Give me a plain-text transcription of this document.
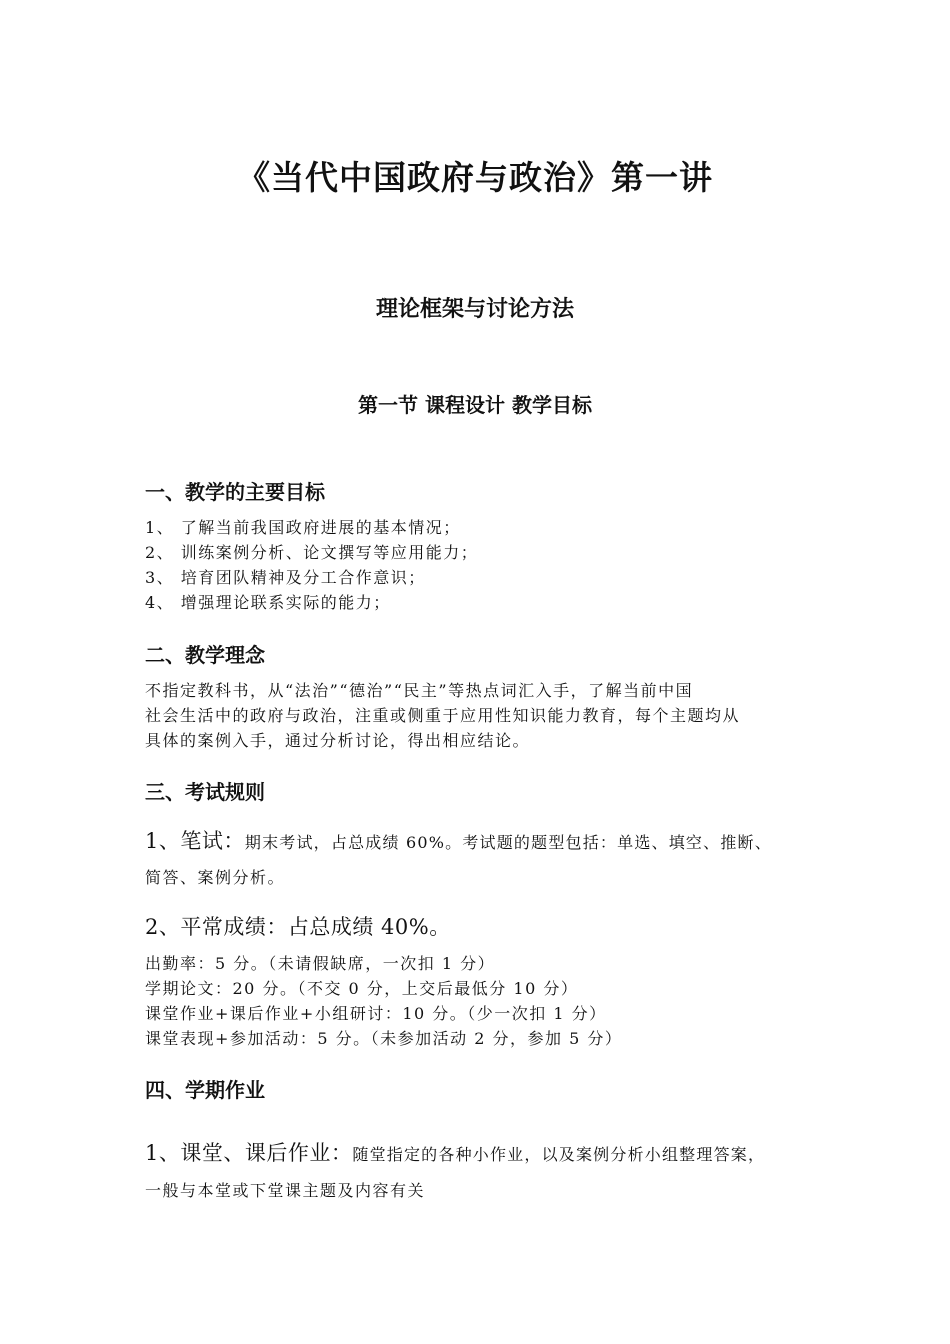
《当代中国政府与政治》第一讲
理论框架与讨论方法
第一节 课程设计 教学目标
一、教学的主要目标
1、 了解当前我国政府进展的基本情况；
2、 训练案例分析、论文撰写等应用能力；
3、 培育团队精神及分工合作意识；
4、 增强理论联系实际的能力；
二、教学理念
不指定教科书，从“法治”“德治”“民主”等热点词汇入手，了解当前中国
社会生活中的政府与政治，注重或侧重于应用性知识能力教育，每个主题均从
具体的案例入手，通过分析讨论，得出相应结论。
三、考试规则
1、笔试：期末考试，占总成绩 60%。考试题的题型包括：单选、填空、推断、
简答、案例分析。
2、平常成绩：占总成绩 40%。
出勤率：5 分。（未请假缺席，一次扣 1 分）
学期论文：20 分。（不交 0 分，上交后最低分 10 分）
课堂作业+课后作业+小组研讨：10 分。（少一次扣 1 分）
课堂表现+参加活动：5 分。（未参加活动 2 分，参加 5 分）
四、学期作业
1、课堂、课后作业：随堂指定的各种小作业，以及案例分析小组整理答案，
一般与本堂或下堂课主题及内容有关
